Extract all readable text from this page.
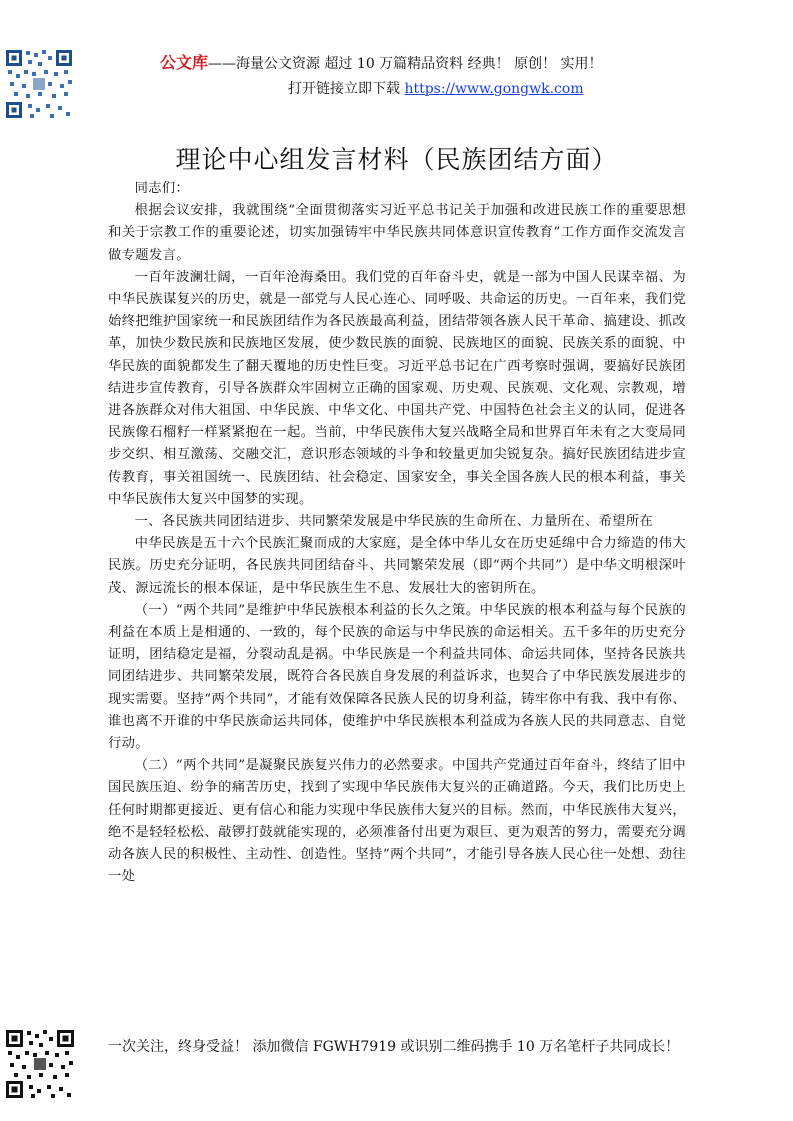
公文库——海量公文资源 超过 10 万篇精品资料 经典！ 原创！ 实用！
打开链接立即下载 https://www.gongwk.com
理论中心组发言材料（民族团结方面）

同志们：

根据会议安排，我就围绕“全面贯彻落实习近平总书记关于加强和改进民族工作的重要思想和关于宗教工作的重要论述，切实加强铸牢中华民族共同体意识宣传教育”工作方面作交流发言做专题发言。

一百年波澜壮阔，一百年沧海桑田。我们党的百年奋斗史，就是一部为中国人民谋幸福、为中华民族谋复兴的历史，就是一部党与人民心连心、同呼吸、共命运的历史。一百年来，我们党始终把维护国家统一和民族团结作为各民族最高利益，团结带领各族人民干革命、搞建设、抓改革，加快少数民族和民族地区发展，使少数民族的面貌、民族地区的面貌、民族关系的面貌、中华民族的面貌都发生了翻天覆地的历史性巨变。习近平总书记在广西考察时强调，要搞好民族团结进步宣传教育，引导各族群众牢固树立正确的国家观、历史观、民族观、文化观、宗教观，增进各族群众对伟大祖国、中华民族、中华文化、中国共产党、中国特色社会主义的认同，促进各民族像石榴籽一样紧紧抱在一起。当前，中华民族伟大复兴战略全局和世界百年未有之大变局同步交织、相互激荡、交融交汇，意识形态领域的斗争和较量更加尖锐复杂。搞好民族团结进步宣传教育，事关祖国统一、民族团结、社会稳定、国家安全，事关全国各族人民的根本利益，事关中华民族伟大复兴中国梦的实现。

一、各民族共同团结进步、共同繁荣发展是中华民族的生命所在、力量所在、希望所在

中华民族是五十六个民族汇聚而成的大家庭，是全体中华儿女在历史延绵中合力缔造的伟大民族。历史充分证明，各民族共同团结奋斗、共同繁荣发展（即“两个共同”）是中华文明根深叶茂、源远流长的根本保证，是中华民族生生不息、发展壮大的密钥所在。

（一）“两个共同”是维护中华民族根本利益的长久之策。中华民族的根本利益与每个民族的利益在本质上是相通的、一致的，每个民族的命运与中华民族的命运相关。五千多年的历史充分证明，团结稳定是福，分裂动乱是祸。中华民族是一个利益共同体、命运共同体，坚持各民族共同团结进步、共同繁荣发展，既符合各民族自身发展的利益诉求，也契合了中华民族发展进步的现实需要。坚持“两个共同”，才能有效保障各民族人民的切身利益，铸牢你中有我、我中有你、谁也离不开谁的中华民族命运共同体，使维护中华民族根本利益成为各族人民的共同意志、自觉行动。

（二）“两个共同”是凝聚民族复兴伟力的必然要求。中国共产党通过百年奋斗，终结了旧中国民族压迫、纷争的痛苦历史，找到了实现中华民族伟大复兴的正确道路。今天，我们比历史上任何时期都更接近、更有信心和能力实现中华民族伟大复兴的目标。然而，中华民族伟大复兴，绝不是轻轻松松、敲锣打鼓就能实现的，必须准备付出更为艰巨、更为艰苦的努力，需要充分调动各族人民的积极性、主动性、创造性。坚持“两个共同”，才能引导各族人民心往一处想、劲往一处

一次关注，终身受益！ 添加微信 FGWH7919 或识别二维码携手 10 万名笔杆子共同成长！
